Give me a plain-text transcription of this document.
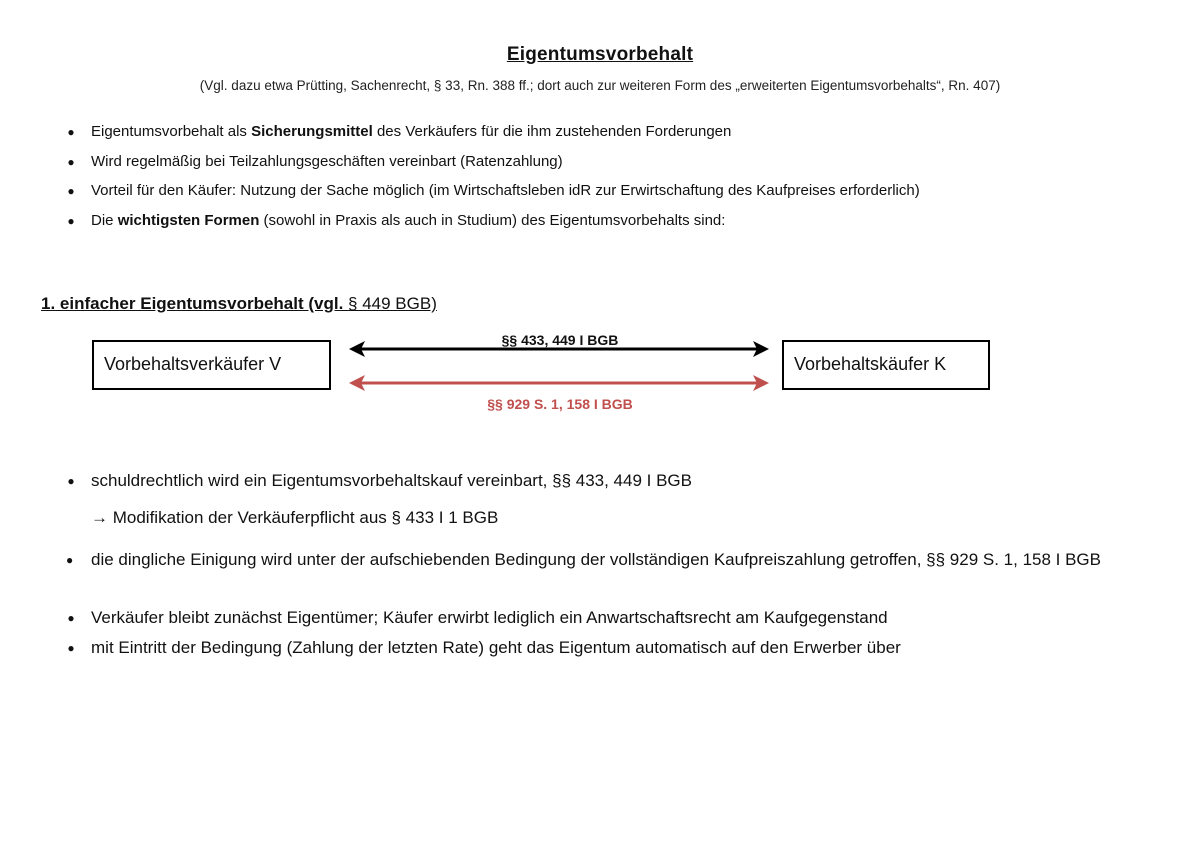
Eigentumsvorbehalt
(Vgl. dazu etwa Prütting, Sachenrecht, § 33, Rn. 388 ff.; dort auch zur weiteren Form des „erweiterten Eigentumsvorbehalts“, Rn. 407)
● Eigentumsvorbehalt als Sicherungsmittel des Verkäufers für die ihm zustehenden Forderungen
● Wird regelmäßig bei Teilzahlungsgeschäften vereinbart (Ratenzahlung)
● Vorteil für den Käufer: Nutzung der Sache möglich (im Wirtschaftsleben idR zur Erwirtschaftung des Kaufpreises erforderlich)
● Die wichtigsten Formen (sowohl in Praxis als auch in Studium) des Eigentumsvorbehalts sind:
1. einfacher Eigentumsvorbehalt (vgl. § 449 BGB)
Vorbehaltsverkäufer V	Vorbehaltskäufer K
§§ 433, 449 I BGB
§§ 929 S. 1, 158 I BGB
● schuldrechtlich wird ein Eigentumsvorbehaltskauf vereinbart, §§ 433, 449 I BGB
→ Modifikation der Verkäuferpflicht aus § 433 I 1 BGB
● die dingliche Einigung wird unter der aufschiebenden Bedingung der vollständigen Kaufpreiszahlung getroffen, §§ 929 S. 1, 158 I BGB
● Verkäufer bleibt zunächst Eigentümer; Käufer erwirbt lediglich ein Anwartschaftsrecht am Kaufgegenstand
● mit Eintritt der Bedingung (Zahlung der letzten Rate) geht das Eigentum automatisch auf den Erwerber über
